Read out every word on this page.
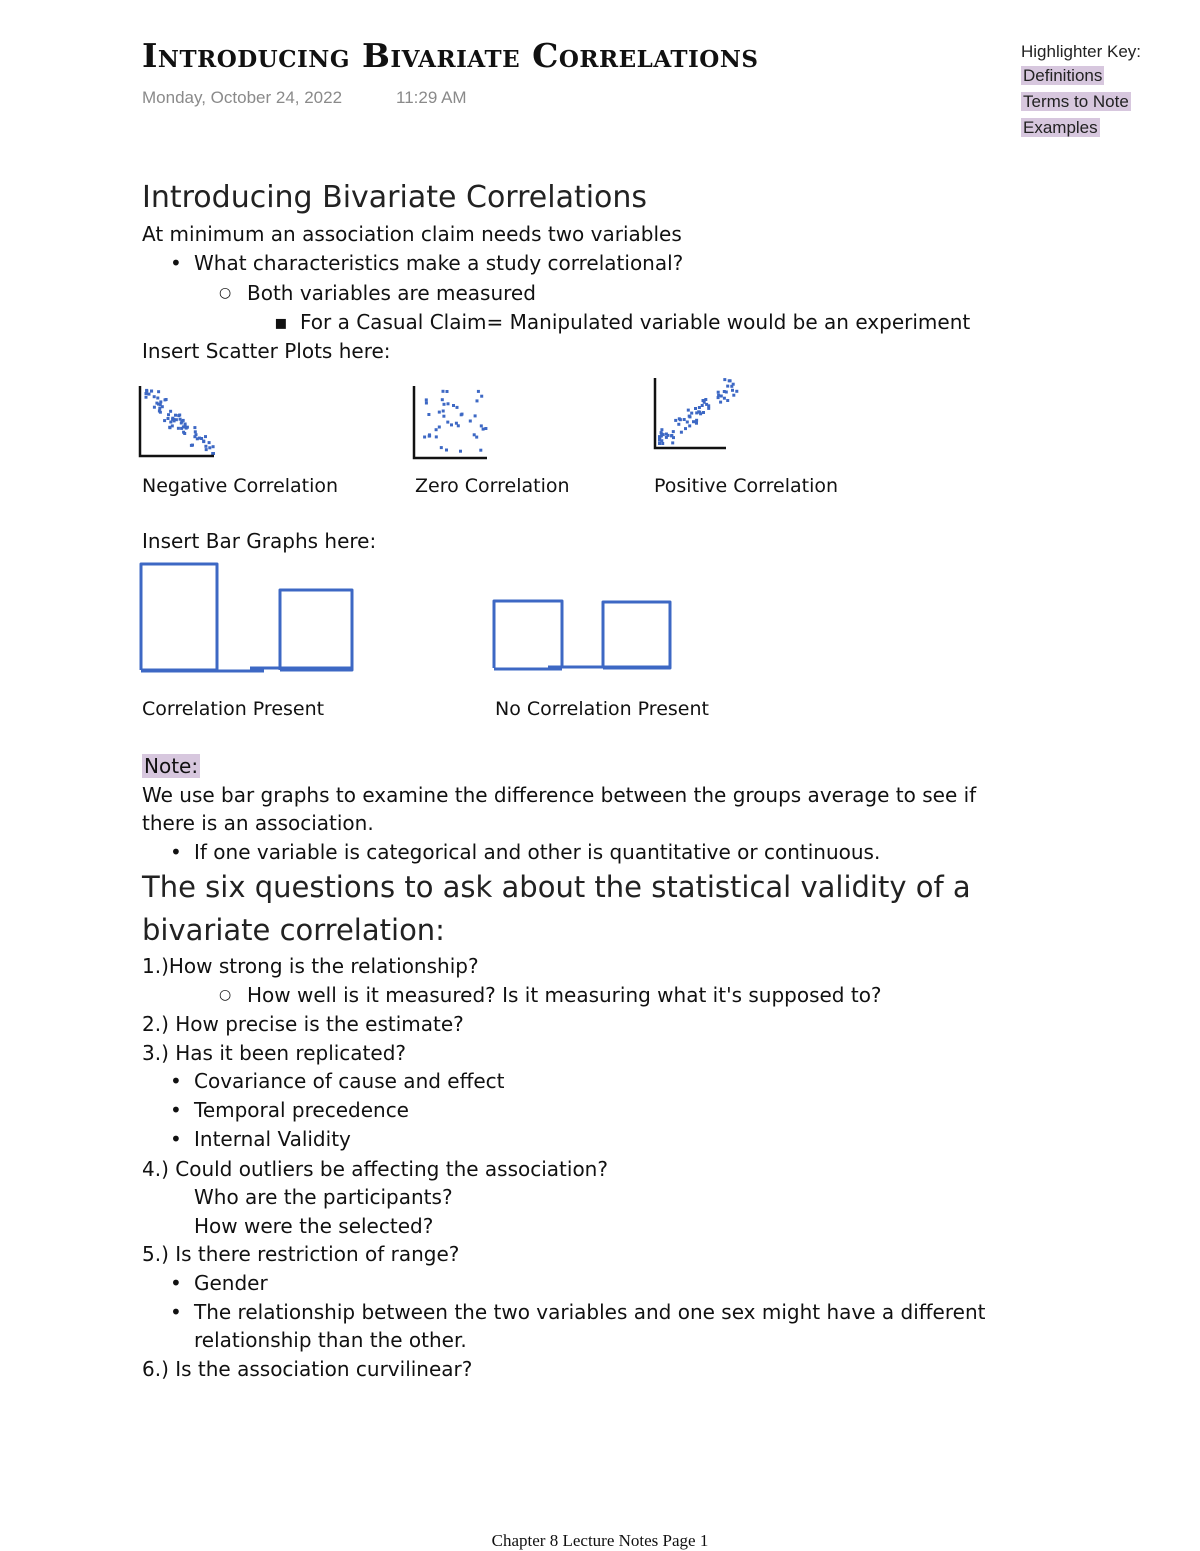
Introducing Bivariate Correlations
Monday, October 24, 2022	11:29 AM
Highlighter Key:
Definitions
Terms to Note
Examples
Introducing Bivariate Correlations
At minimum an association claim needs two variables
• What characteristics make a study correlational?
○ Both variables are measured
▪ For a Casual Claim= Manipulated variable would be an experiment
Insert Scatter Plots here:
Negative Correlation	Zero Correlation	Positive Correlation
Insert Bar Graphs here:
Correlation Present	No Correlation Present
Note:
We use bar graphs to examine the difference between the groups average to see if
there is an association.
• If one variable is categorical and other is quantitative or continuous.
The six questions to ask about the statistical validity of a
bivariate correlation:
1.)How strong is the relationship?
○ How well is it measured? Is it measuring what it's supposed to?
2.) How precise is the estimate?
3.) Has it been replicated?
• Covariance of cause and effect
• Temporal precedence
• Internal Validity
4.) Could outliers be affecting the association?
Who are the participants?
How were the selected?
5.) Is there restriction of range?
• Gender
• The relationship between the two variables and one sex might have a different
relationship than the other.
6.) Is the association curvilinear?
Chapter 8 Lecture Notes Page 1
